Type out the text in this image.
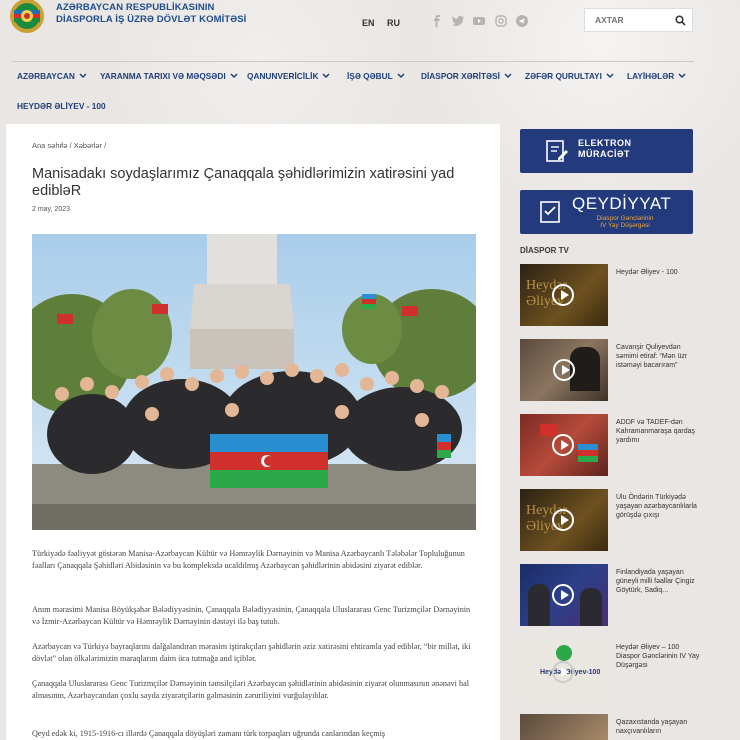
AZƏRBAYCAN RESPUBLİKASININ
DİASPORLA İŞ ÜZRƏ DÖVLƏT KOMİTƏSİ	EN RU
AXTAR
AZƏRBAYCAN	YARANMA TARIXI VƏ MƏQSƏDI	QANUNVERİCİLİK	İŞƏ QƏBUL	DİASPOR XƏRİTƏSİ	ZƏFƏR QURULTAYI	LAYİHƏLƏR
HEYDƏR ƏLİYEV - 100
Ana səhifə / Xəbərlər /
Manisadakı soydaşlarımız Çanaqqala şəhidlərimizin xatirəsini yad edibləR
2 may, 2023

Türkiyədə fəaliyyət göstərən Manisa-Azərbaycan Kültür və Həmrəylik Dərnəyinin və Manisa Azərbaycanlı Tələbələr Topluluğunun fəalları Çanaqqala Şəhidləri Abidəsinin və bu kompleksdə ucaldılmış Azərbaycan şəhidlərinin abidəsini ziyarət ediblər.

Anım mərasimi Manisa Böyükşəhər Bələdiyyəsinin, Çanaqqala Bələdiyyəsinin, Çanaqqala Uluslararası Genc Turizmçilər Dərnəyinin və İzmir-Azərbaycan Kültür və Həmrəylik Dərnəyinin dəstəyi ilə baş tutub.

Azərbaycan və Türkiyə bayraqlarını dalğalandıran mərasim iştirakçıları şəhidlərin əziz xatirəsini ehtiramla yad ediblər, “bir millət, iki dövlət” olan ölkələrimizin maraqlarını daim üca tutmağa and içiblər.

Çanaqqala Uluslararası Genc Turizmçilər Dərnəyinin təmsilçiləri Azərbaycan şəhidlərinin abidəsinin ziyarət olunmasının ənənəvi hal almasının, Azərbaycandan çoxlu sayda ziyarətçilərin gəlməsinin zəruriliyini vurğulayıblar.

Qeyd edək ki, 1915-1916-cı illərdə Çanaqqala döyüşləri zamanı türk torpaqları uğrunda canlarından keçmiş

ELEKTRON
MÜRACİƏT
QEYDİYYAT
Diaspor Gənclərinin
IV Yay Düşərgəsi
DİASPOR TV
Heydər Əliyev
Heydər Əliyev - 100
Cavanşir Quliyevdən səmimi etiraf: “Mən üzr istəməyi bacarıram”
ADDF və TADEF-dən Kahramanmaraşa qardaş yardımı
Heydər Əliyev
Ulu Öndərin Türkiyədə yaşayan azərbaycanlılarla görüşdə çıxışı
Finlandiyada yaşayan güneyli milli fəallar Çingiz Göytürk, Sadiq...
Heydər Əliyev-100
Heydər Əliyev – 100 Diaspor Gənclərinin IV Yay Düşərgəsi
Qazaxıstanda yaşayan naxçıvanlıların
